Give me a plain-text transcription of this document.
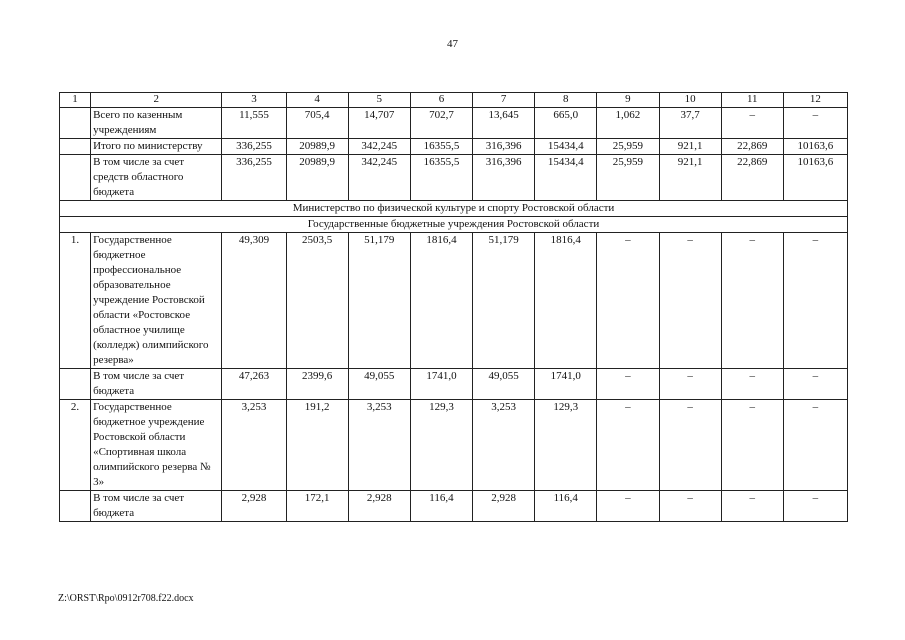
47
1	2	3	4	5	6	7	8	9	10	11	12
	Всего по казенным учреждениям	11,555	705,4	14,707	702,7	13,645	665,0	1,062	37,7	–	–
	Итого по министерству	336,255	20989,9	342,245	16355,5	316,396	15434,4	25,959	921,1	22,869	10163,6
	В том числе за счет средств областного бюджета	336,255	20989,9	342,245	16355,5	316,396	15434,4	25,959	921,1	22,869	10163,6
Министерство по физической культуре и спорту Ростовской области											
Государственные бюджетные учреждения Ростовской области											
1.	Государственное бюджетное профессиональное образовательное учреждение Ростовской области «Ростовское областное училище (колледж) олимпийского резерва»	49,309	2503,5	51,179	1816,4	51,179	1816,4	–	–	–	–
	В том числе за счет бюджета	47,263	2399,6	49,055	1741,0	49,055	1741,0	–	–	–	–
2.	Государственное бюджетное учреждение Ростовской области «Спортивная школа олимпийского резерва № 3»	3,253	191,2	3,253	129,3	3,253	129,3	–	–	–	–
	В том числе за счет бюджета	2,928	172,1	2,928	116,4	2,928	116,4	–	–	–	–
Z:\ORST\Rpo\0912r708.f22.docx
